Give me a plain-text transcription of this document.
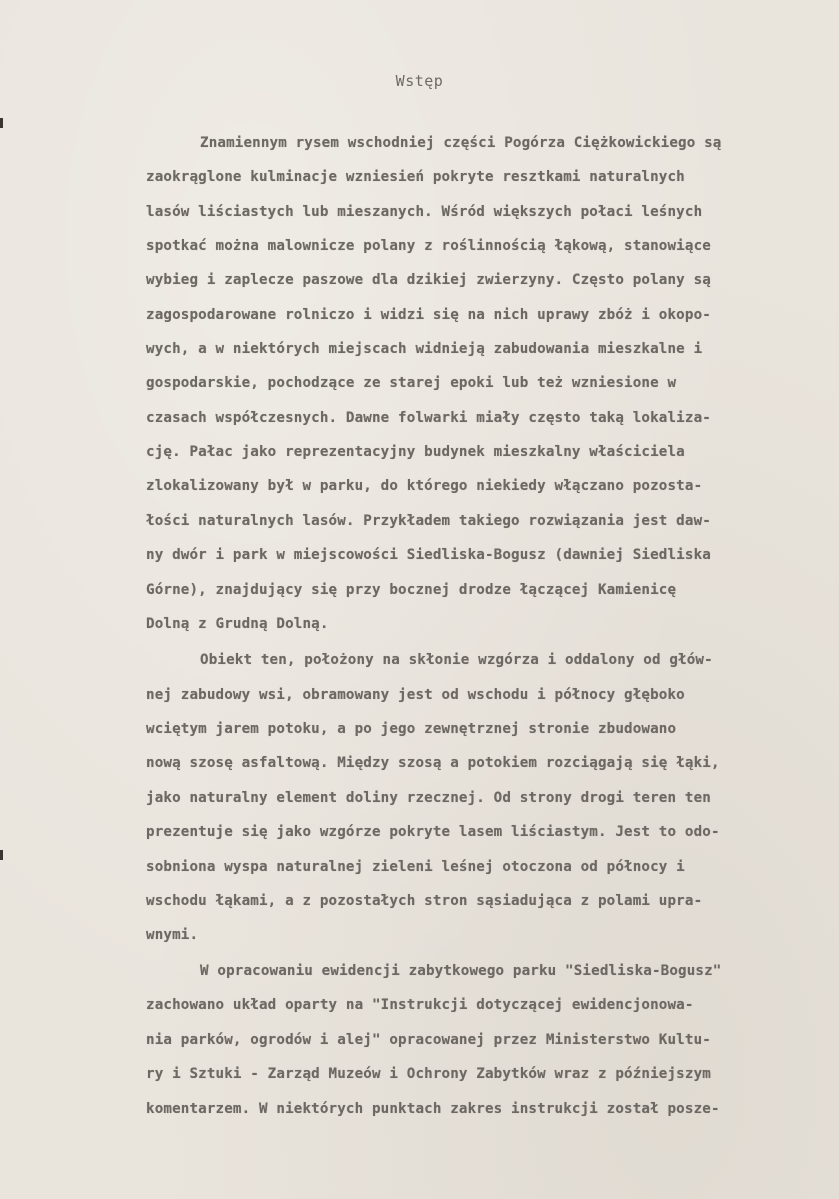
Wstęp
Znamiennym rysem wschodniej części Pogórza Ciężkowickiego są
zaokrąglone kulminacje wzniesień pokryte resztkami naturalnych
lasów liściastych lub mieszanych. Wśród większych połaci leśnych
spotkać można malownicze polany z roślinnością łąkową, stanowiące
wybieg i zaplecze paszowe dla dzikiej zwierzyny. Często polany są
zagospodarowane rolniczo i widzi się na nich uprawy zbóż i okopo-
wych, a w niektórych miejscach widnieją zabudowania mieszkalne i
gospodarskie, pochodzące ze starej epoki lub też wzniesione w
czasach współczesnych. Dawne folwarki miały często taką lokaliza-
cję. Pałac jako reprezentacyjny budynek mieszkalny właściciela
zlokalizowany był w parku, do którego niekiedy włączano pozosta-
łości naturalnych lasów. Przykładem takiego rozwiązania jest daw-
ny dwór i park w miejscowości Siedliska-Bogusz (dawniej Siedliska
Górne), znajdujący się przy bocznej drodze łączącej Kamienicę
Dolną z Grudną Dolną.
Obiekt ten, położony na skłonie wzgórza i oddalony od głów-
nej zabudowy wsi, obramowany jest od wschodu i północy głęboko
wciętym jarem potoku, a po jego zewnętrznej stronie zbudowano
nową szosę asfaltową. Między szosą a potokiem rozciągają się łąki,
jako naturalny element doliny rzecznej. Od strony drogi teren ten
prezentuje się jako wzgórze pokryte lasem liściastym. Jest to odo-
sobniona wyspa naturalnej zieleni leśnej otoczona od północy i
wschodu łąkami, a z pozostałych stron sąsiadująca z polami upra-
wnymi.
W opracowaniu ewidencji zabytkowego parku "Siedliska-Bogusz"
zachowano układ oparty na "Instrukcji dotyczącej ewidencjonowa-
nia parków, ogrodów i alej" opracowanej przez Ministerstwo Kultu-
ry i Sztuki - Zarząd Muzeów i Ochrony Zabytków wraz z późniejszym
komentarzem. W niektórych punktach zakres instrukcji został posze-
